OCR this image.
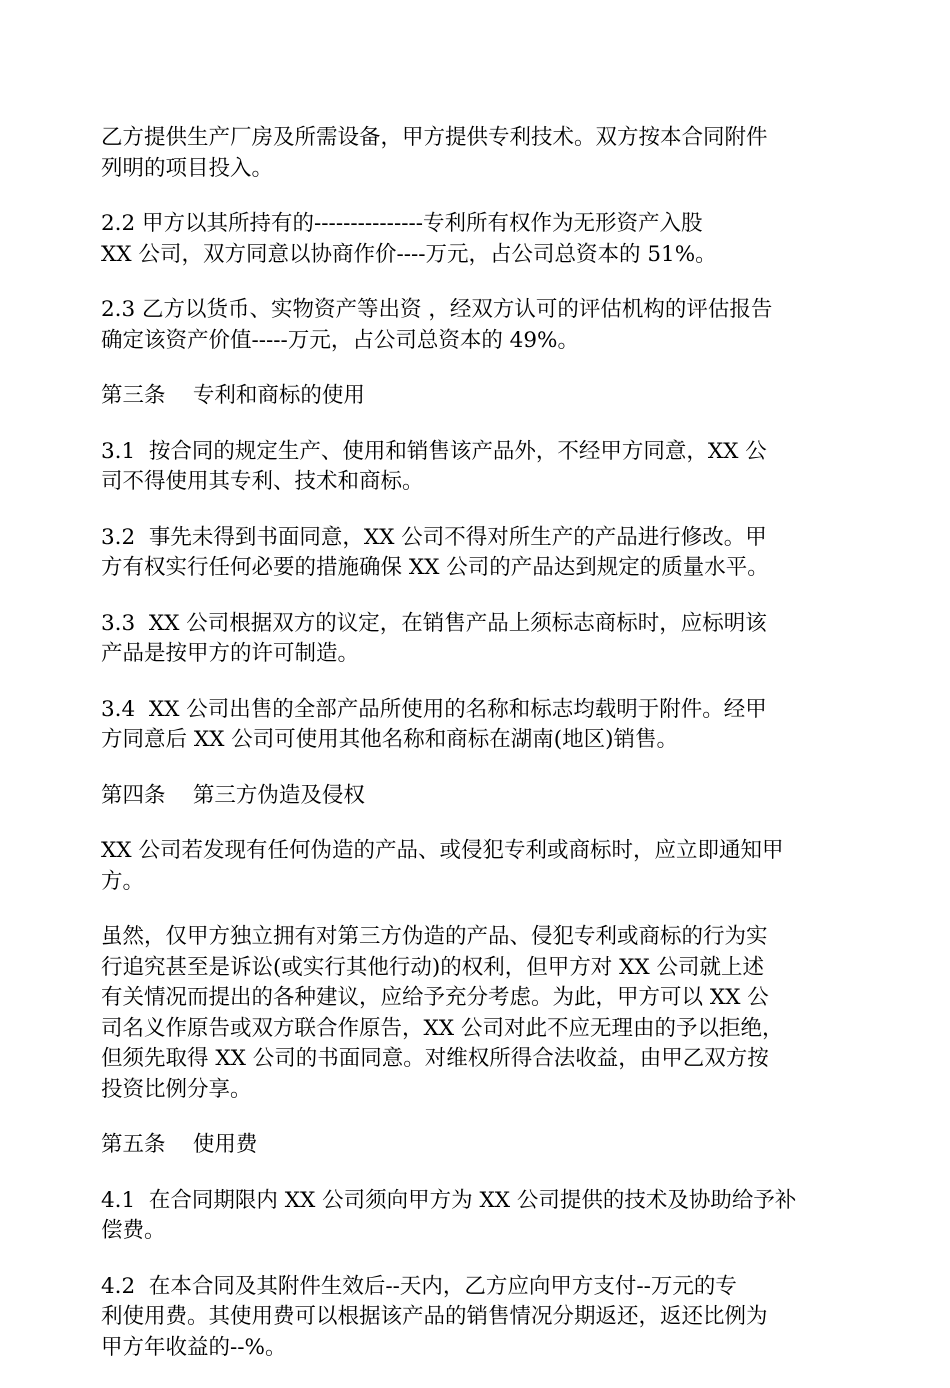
乙方提供生产厂房及所需设备，甲方提供专利技术。双方按本合同附件
列明的项目投入。
2.2 甲方以其所持有的---------------专利所有权作为无形资产入股
XX 公司，双方同意以协商作价----万元，占公司总资本的 51%。
2.3 乙方以货币、实物资产等出资 ，经双方认可的评估机构的评估报告
确定该资产价值-----万元，占公司总资本的 49%。
第三条    专利和商标的使用
3.1  按合同的规定生产、使用和销售该产品外，不经甲方同意，XX 公
司不得使用其专利、技术和商标。
3.2  事先未得到书面同意，XX 公司不得对所生产的产品进行修改。甲
方有权实行任何必要的措施确保 XX 公司的产品达到规定的质量水平。
3.3  XX 公司根据双方的议定，在销售产品上须标志商标时，应标明该
产品是按甲方的许可制造。
3.4  XX 公司出售的全部产品所使用的名称和标志均载明于附件。经甲
方同意后 XX 公司可使用其他名称和商标在湖南(地区)销售。
第四条    第三方伪造及侵权
XX 公司若发现有任何伪造的产品、或侵犯专利或商标时，应立即通知甲
方。
虽然，仅甲方独立拥有对第三方伪造的产品、侵犯专利或商标的行为实
行追究甚至是诉讼(或实行其他行动)的权利，但甲方对 XX 公司就上述
有关情况而提出的各种建议，应给予充分考虑。为此，甲方可以 XX 公
司名义作原告或双方联合作原告，XX 公司对此不应无理由的予以拒绝，
但须先取得 XX 公司的书面同意。对维权所得合法收益，由甲乙双方按
投资比例分享。
第五条    使用费
4.1  在合同期限内 XX 公司须向甲方为 XX 公司提供的技术及协助给予补
偿费。
4.2  在本合同及其附件生效后--天内，乙方应向甲方支付--万元的专
利使用费。其使用费可以根据该产品的销售情况分期返还，返还比例为
甲方年收益的--%。
